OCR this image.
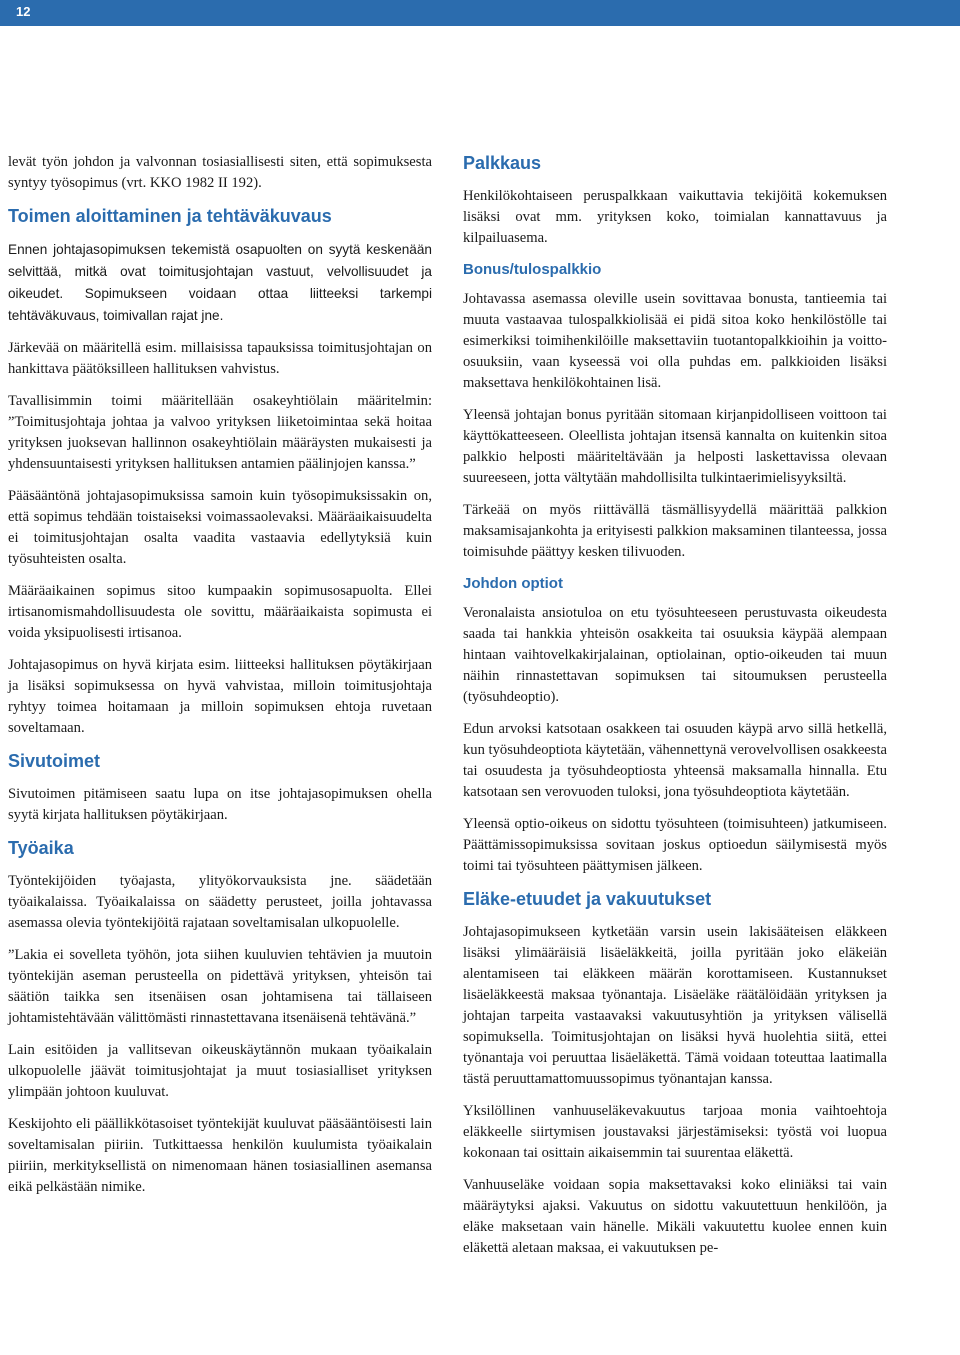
12

levät työn johdon ja valvonnan tosiasiallisesti siten, että sopimuksesta syntyy työsopimus (vrt. KKO 1982 II 192).

Toimen aloittaminen ja tehtäväkuvaus

Ennen johtajasopimuksen tekemistä osapuolten on syytä keskenään selvittää, mitkä ovat toimitusjohtajan vastuut, velvollisuudet ja oikeudet. Sopimukseen voidaan ottaa liitteeksi tarkempi tehtäväkuvaus, toimivallan rajat jne.

Järkevää on määritellä esim. millaisissa tapauksissa toimitusjohtajan on hankittava päätöksilleen hallituksen vahvistus.

Tavallisimmin toimi määritellään osakeyhtiölain määritelmin: ”Toimitusjohtaja johtaa ja valvoo yrityksen liiketoimintaa sekä hoitaa yrityksen juoksevan hallinnon osakeyhtiölain määräysten mukaisesti ja yhdensuuntaisesti yrityksen hallituksen antamien päälinjojen kanssa.”

Pääsääntönä johtajasopimuksissa samoin kuin työsopimuksissakin on, että sopimus tehdään toistaiseksi voimassaolevaksi. Määräaikaisuudelta ei toimitusjohtajan osalta vaadita vastaavia edellytyksiä kuin työsuhteisten osalta.

Määräaikainen sopimus sitoo kumpaakin sopimusosapuolta. Ellei irtisanomismahdollisuudesta ole sovittu, määräaikaista sopimusta ei voida yksipuolisesti irtisanoa.

Johtajasopimus on hyvä kirjata esim. liitteeksi hallituksen pöytäkirjaan ja lisäksi sopimuksessa on hyvä vahvistaa, milloin toimitusjohtaja ryhtyy toimea hoitamaan ja milloin sopimuksen ehtoja ruvetaan soveltamaan.

Sivutoimet

Sivutoimen pitämiseen saatu lupa on itse johtajasopimuksen ohella syytä kirjata hallituksen pöytäkirjaan.

Työaika

Työntekijöiden työajasta, ylityökorvauksista jne. säädetään työaikalaissa. Työaikalaissa on säädetty perusteet, joilla johtavassa asemassa olevia työntekijöitä rajataan soveltamisalan ulkopuolelle.

”Lakia ei sovelleta työhön, jota siihen kuuluvien tehtävien ja muutoin työntekijän aseman perusteella on pidettävä yrityksen, yhteisön tai säätiön taikka sen itsenäisen osan johtamisena tai tällaiseen johtamistehtävään välittömästi rinnastettavana itsenäisenä tehtävänä.”

Lain esitöiden ja vallitsevan oikeuskäytännön mukaan työaikalain ulkopuolelle jäävät toimitusjohtajat ja muut tosiasialliset yrityksen ylimpään johtoon kuuluvat.

Keskijohto eli päällikkötasoiset työntekijät kuuluvat pääsääntöisesti lain soveltamisalan piiriin. Tutkittaessa henkilön kuulumista työaikalain piiriin, merkityksellistä on nimenomaan hänen tosiasiallinen asemansa eikä pelkästään nimike.

Palkkaus

Henkilökohtaiseen peruspalkkaan vaikuttavia tekijöitä kokemuksen lisäksi ovat mm. yrityksen koko, toimialan kannattavuus ja kilpailuasema.

Bonus/tulospalkkio

Johtavassa asemassa oleville usein sovittavaa bonusta, tantieemia tai muuta vastaavaa tulospalkkiolisää ei pidä sitoa koko henkilöstölle tai esimerkiksi toimihenkilöille maksettaviin tuotantopalkkioihin ja voitto-osuuksiin, vaan kyseessä voi olla puhdas em. palkkioiden lisäksi maksettava henkilökohtainen lisä.

Yleensä johtajan bonus pyritään sitomaan kirjanpidolliseen voittoon tai käyttökatteeseen. Oleellista johtajan itsensä kannalta on kuitenkin sitoa palkkio helposti määriteltävään ja helposti laskettavissa olevaan suureeseen, jotta vältytään mahdollisilta tulkintaerimielisyyksiltä.

Tärkeää on myös riittävällä täsmällisyydellä määrittää palkkion maksamisajankohta ja erityisesti palkkion maksaminen tilanteessa, jossa toimisuhde päättyy kesken tilivuoden.

Johdon optiot

Veronalaista ansiotuloa on etu työsuhteeseen perustuvasta oikeudesta saada tai hankkia yhteisön osakkeita tai osuuksia käypää alempaan hintaan vaihtovelkakirjalainan, optiolainan, optio-oikeuden tai muun näihin rinnastettavan sopimuksen tai sitoumuksen perusteella (työsuhdeoptio).

Edun arvoksi katsotaan osakkeen tai osuuden käypä arvo sillä hetkellä, kun työsuhdeoptiota käytetään, vähennettynä verovelvollisen osakkeesta tai osuudesta ja työsuhdeoptiosta yhteensä maksamalla hinnalla. Etu katsotaan sen verovuoden tuloksi, jona työsuhdeoptiota käytetään.

Yleensä optio-oikeus on sidottu työsuhteen (toimisuhteen) jatkumiseen. Päättämissopimuksissa sovitaan joskus optioedun säilymisestä myös toimi tai työsuhteen päättymisen jälkeen.

Eläke-etuudet ja vakuutukset

Johtajasopimukseen kytketään varsin usein lakisääteisen eläkkeen lisäksi ylimääräisiä lisäeläkkeitä, joilla pyritään joko eläkeiän alentamiseen tai eläkkeen määrän korottamiseen. Kustannukset lisäeläkkeestä maksaa työnantaja. Lisäeläke räätälöidään yrityksen ja johtajan tarpeita vastaavaksi vakuutusyhtiön ja yrityksen välisellä sopimuksella. Toimitusjohtajan on lisäksi hyvä huolehtia siitä, ettei työnantaja voi peruuttaa lisäeläkettä. Tämä voidaan toteuttaa laatimalla tästä peruuttamattomuussopimus työnantajan kanssa.

Yksilöllinen vanhuuseläkevakuutus tarjoaa monia vaihtoehtoja eläkkeelle siirtymisen joustavaksi järjestämiseksi: työstä voi luopua kokonaan tai osittain aikaisemmin tai suurentaa eläkettä.

Vanhuuseläke voidaan sopia maksettavaksi koko eliniäksi tai vain määräytyksi ajaksi. Vakuutus on sidottu vakuutettuun henkilöön, ja eläke maksetaan vain hänelle. Mikäli vakuutettu kuolee ennen kuin eläkettä aletaan maksaa, ei vakuutuksen pe-
